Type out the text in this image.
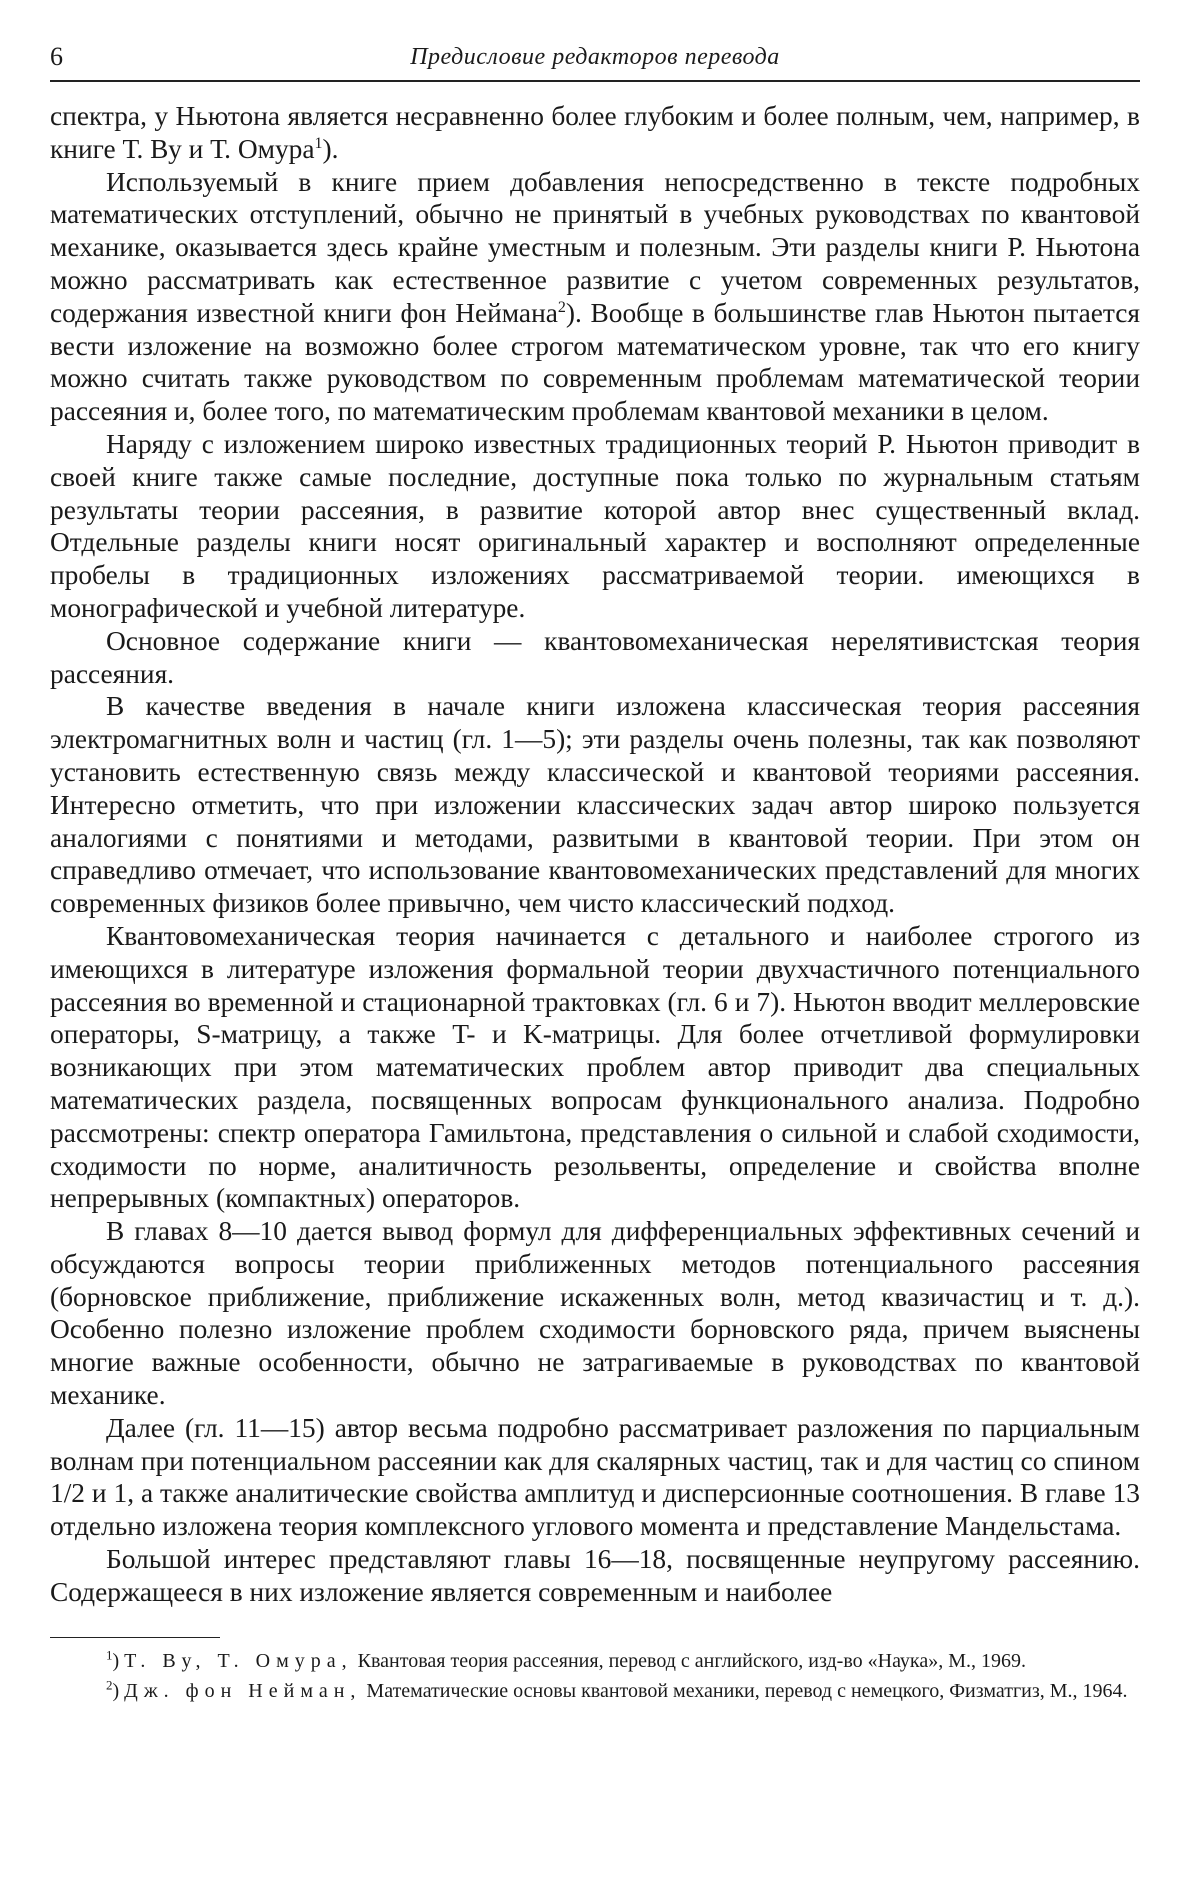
6	Предисловие редакторов перевода

спектра, у Ньютона является несравненно более глубоким и более полным, чем, например, в книге Т. Ву и Т. Омура$^1$).

Используемый в книге прием добавления непосредственно в тексте подробных математических отступлений, обычно не принятый в учебных руководствах по квантовой механике, оказывается здесь крайне уместным и полезным. Эти разделы книги Р. Ньютона можно рассматривать как естественное развитие с учетом современных результатов, содержания известной книги фон Неймана$^2$). Вообще в большинстве глав Ньютон пытается вести изложение на возможно более строгом математическом уровне, так что его книгу можно считать также руководством по современным проблемам математической теории рассеяния и, более того, по математическим проблемам квантовой механики в целом.

Наряду с изложением широко известных традиционных теорий Р. Ньютон приводит в своей книге также самые последние, доступные пока только по журнальным статьям результаты теории рассеяния, в развитие которой автор внес существенный вклад. Отдельные разделы книги носят оригинальный характер и восполняют определенные пробелы в традиционных изложениях рассматриваемой теории. имеющихся в монографической и учебной литературе.

Основное содержание книги — квантовомеханическая нерелятивистская теория рассеяния.

В качестве введения в начале книги изложена классическая теория рассеяния электромагнитных волн и частиц (гл. 1—5); эти разделы очень полезны, так как позволяют установить естественную связь между классической и квантовой теориями рассеяния. Интересно отметить, что при изложении классических задач автор широко пользуется аналогиями с понятиями и методами, развитыми в квантовой теории. При этом он справедливо отмечает, что использование квантовомеханических представлений для многих современных физиков более привычно, чем чисто классический подход.

Квантовомеханическая теория начинается с детального и наиболее строгого из имеющихся в литературе изложения формальной теории двухчастичного потенциального рассеяния во временной и стационарной трактовках (гл. 6 и 7). Ньютон вводит меллеровские операторы, S-матрицу, а также T- и K-матрицы. Для более отчетливой формулировки возникающих при этом математических проблем автор приводит два специальных математических раздела, посвященных вопросам функционального анализа. Подробно рассмотрены: спектр оператора Гамильтона, представления о сильной и слабой сходимости, сходимости по норме, аналитичность резольвенты, определение и свойства вполне непрерывных (компактных) операторов.

В главах 8—10 дается вывод формул для дифференциальных эффективных сечений и обсуждаются вопросы теории приближенных методов потенциального рассеяния (борновское приближение, приближение искаженных волн, метод квазичастиц и т. д.). Особенно полезно изложение проблем сходимости борновского ряда, причем выяснены многие важные особенности, обычно не затрагиваемые в руководствах по квантовой механике.

Далее (гл. 11—15) автор весьма подробно рассматривает разложения по парциальным волнам при потенциальном рассеянии как для скалярных частиц, так и для частиц со спином 1/2 и 1, а также аналитические свойства амплитуд и дисперсионные соотношения. В главе 13 отдельно изложена теория комплексного углового момента и представление Мандельстама.

Большой интерес представляют главы 16—18, посвященные неупругому рассеянию. Содержащееся в них изложение является современным и наиболее

$^1$) Т. Ву, Т. Омура, Квантовая теория рассеяния, перевод с английского, изд-во «Наука», М., 1969.

$^2$) Дж. фон Нейман, Математические основы квантовой механики, перевод с немецкого, Физматгиз, М., 1964.
